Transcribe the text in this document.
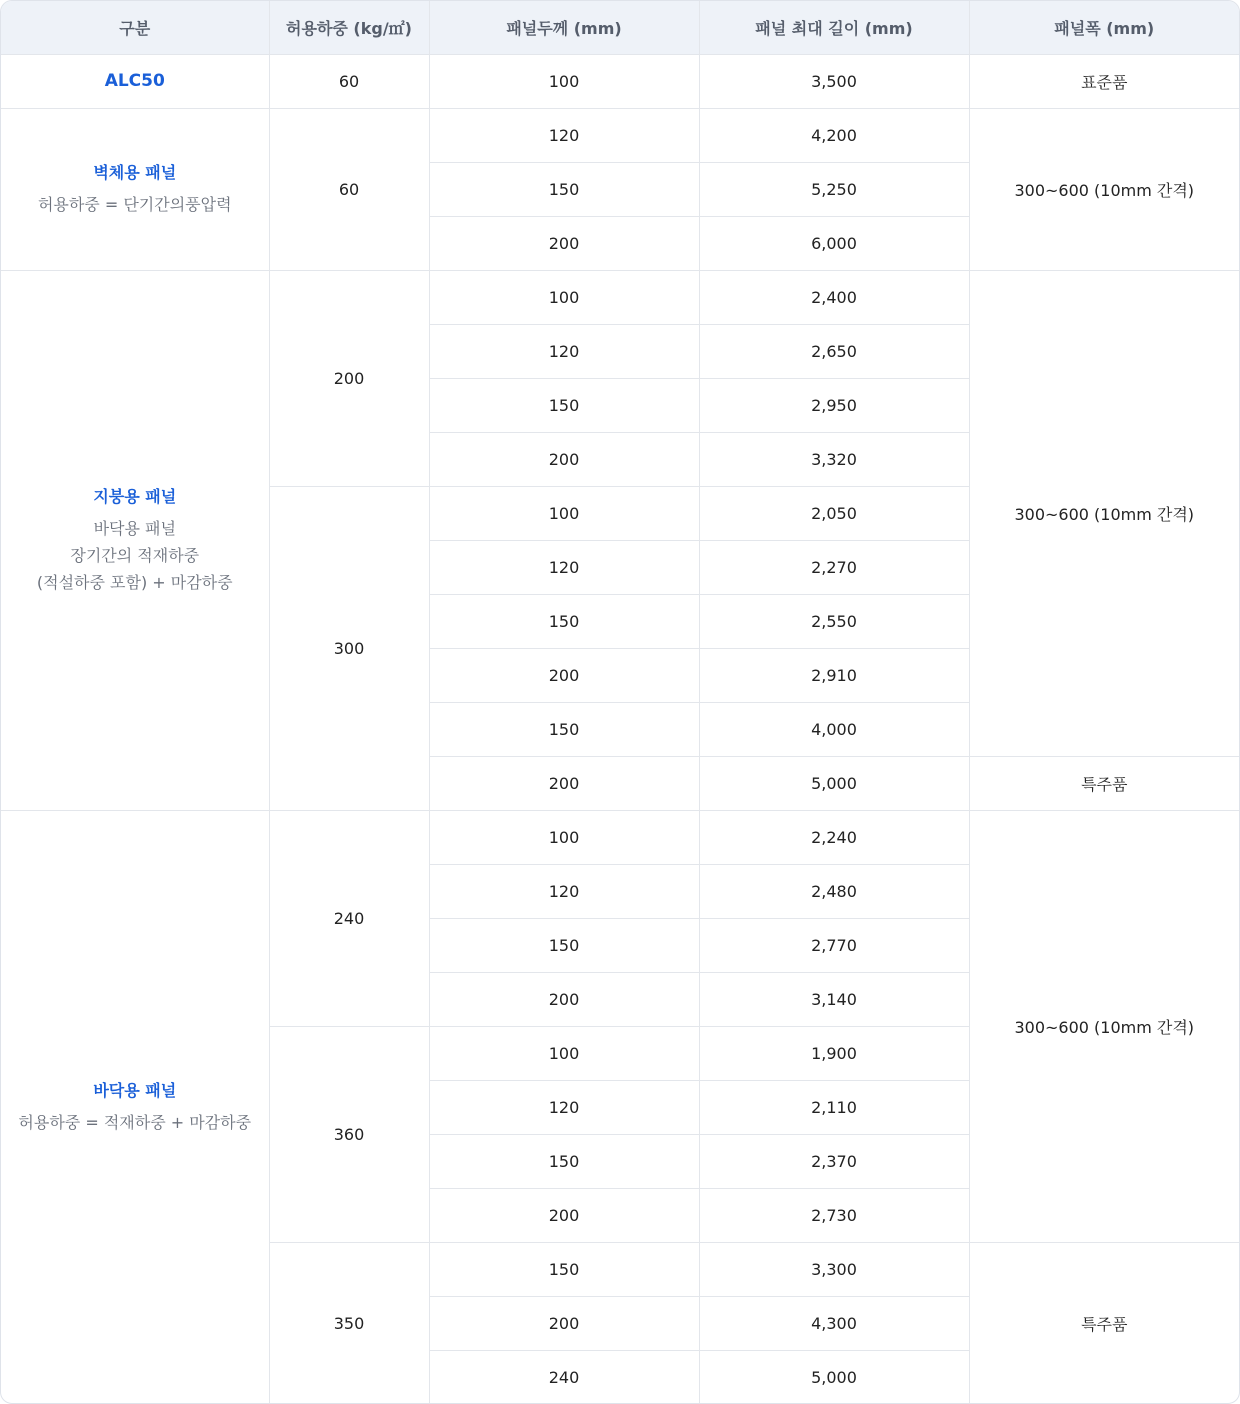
구분	허용하중 (kg/㎡)	패널두께 (mm)	패널 최대 길이 (mm)	패널폭 (mm)
ALC50	60	100	3,500	표준품

벽체용 패널
허용하중 = 단기간의풍압력	60	120	4,200	300~600 (10mm 간격)
		150	5,250	
		200	6,000	

지붕용 패널
바닥용 패널
장기간의 적재하중
(적설하중 포함) + 마감하중	200	100	2,400	300~600 (10mm 간격)
		120	2,650	
		150	2,950	
		200	3,320	
	300	100	2,050	
		120	2,270	
		150	2,550	
		200	2,910	
		150	4,000	
		200	5,000	특주품

바닥용 패널
허용하중 = 적재하중 + 마감하중	240	100	2,240	300~600 (10mm 간격)
		120	2,480	
		150	2,770	
		200	3,140	
	360	100	1,900	
		120	2,110	
		150	2,370	
		200	2,730	
	350	150	3,300	특주품
		200	4,300	
		240	5,000	
